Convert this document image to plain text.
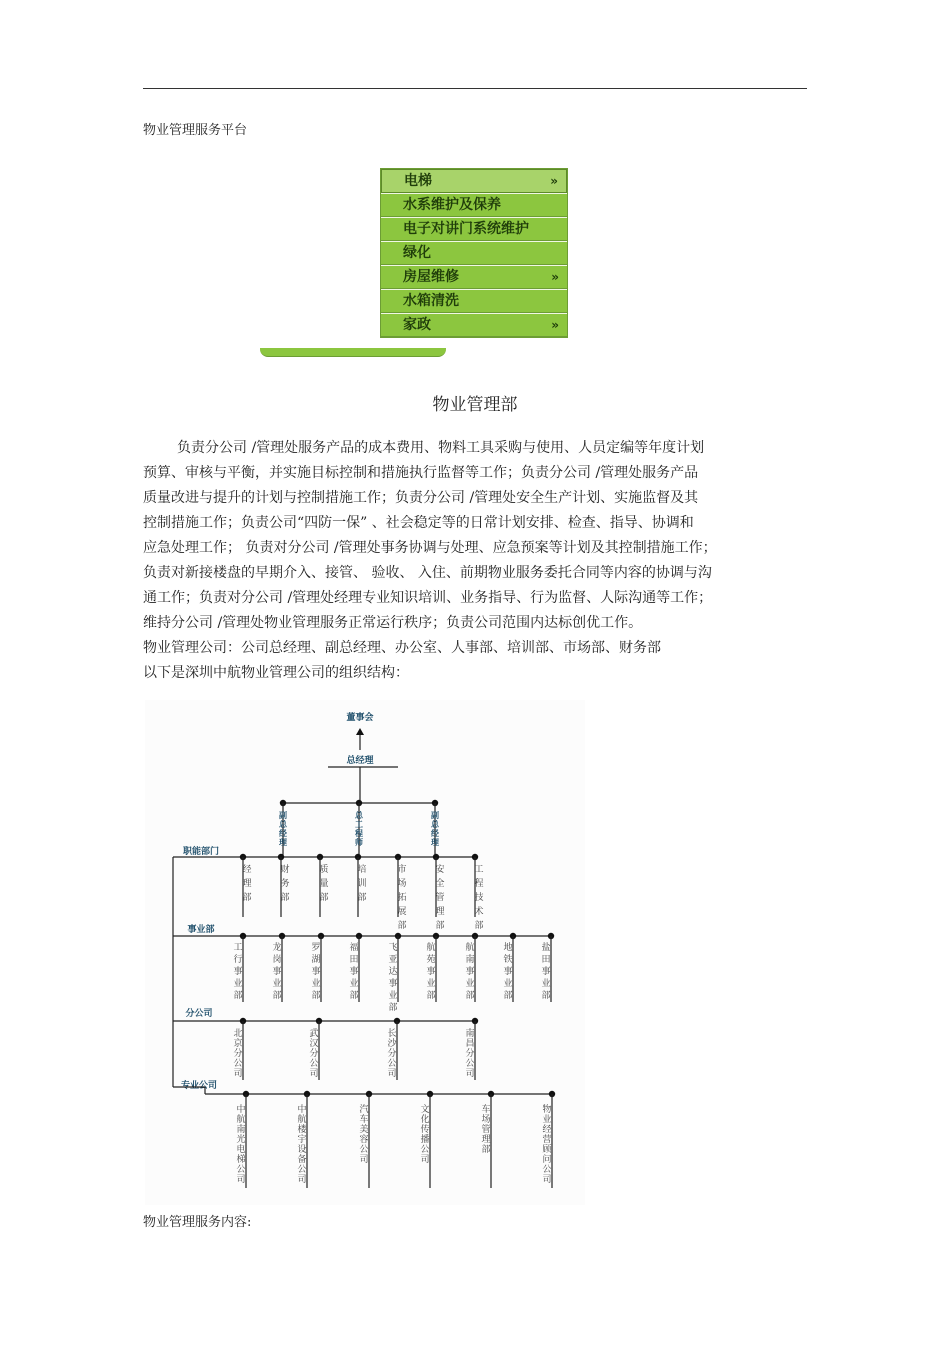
物业管理服务平台
电梯	»
水系维护及保养
电子对讲门系统维护
绿化
房屋维修	»
水箱清洗
家政	»
物业管理部

负责分公司 /管理处服务产品的成本费用、物料工具采购与使用、人员定编等年度计划

预算、审核与平衡，并实施目标控制和措施执行监督等工作；负责分公司 /管理处服务产品

质量改进与提升的计划与控制措施工作；负责分公司 /管理处安全生产计划、实施监督及其

控制措施工作；负责公司“四防一保” 、社会稳定等的日常计划安排、检查、指导、协调和

应急处理工作； 负责对分公司 /管理处事务协调与处理、应急预案等计划及其控制措施工作；

负责对新接楼盘的早期介入、接管、 验收、 入住、前期物业服务委托合同等内容的协调与沟

通工作；负责对分公司 /管理处经理专业知识培训、业务指导、行为监督、人际沟通等工作；

维持分公司 /管理处物业管理服务正常运行秩序；负责公司范围内达标创优工作。

物业管理公司：公司总经理、副总经理、办公室、人事部、培训部、市场部、财务部

以下是深圳中航物业管理公司的组织结构：

董事会
总经理
副总经理
总工程师
副总经理
职能部门
经理部
财务部
质量部
培训部
市场拓展部
安全管理部
工程技术部
事业部
工行事业部
龙岗事业部
罗湖事业部
福田事业部
飞亚达事业部
航苑事业部
航南事业部
地铁事业部
盐田事业部
分公司
北京分公司
武汉分公司
长沙分公司
南昌分公司
专业公司
中航南光电梯公司
中航楼宇设备公司
汽车美容公司
文化传播公司
车场管理部
物业经营顾问公司
物业管理服务内容:
